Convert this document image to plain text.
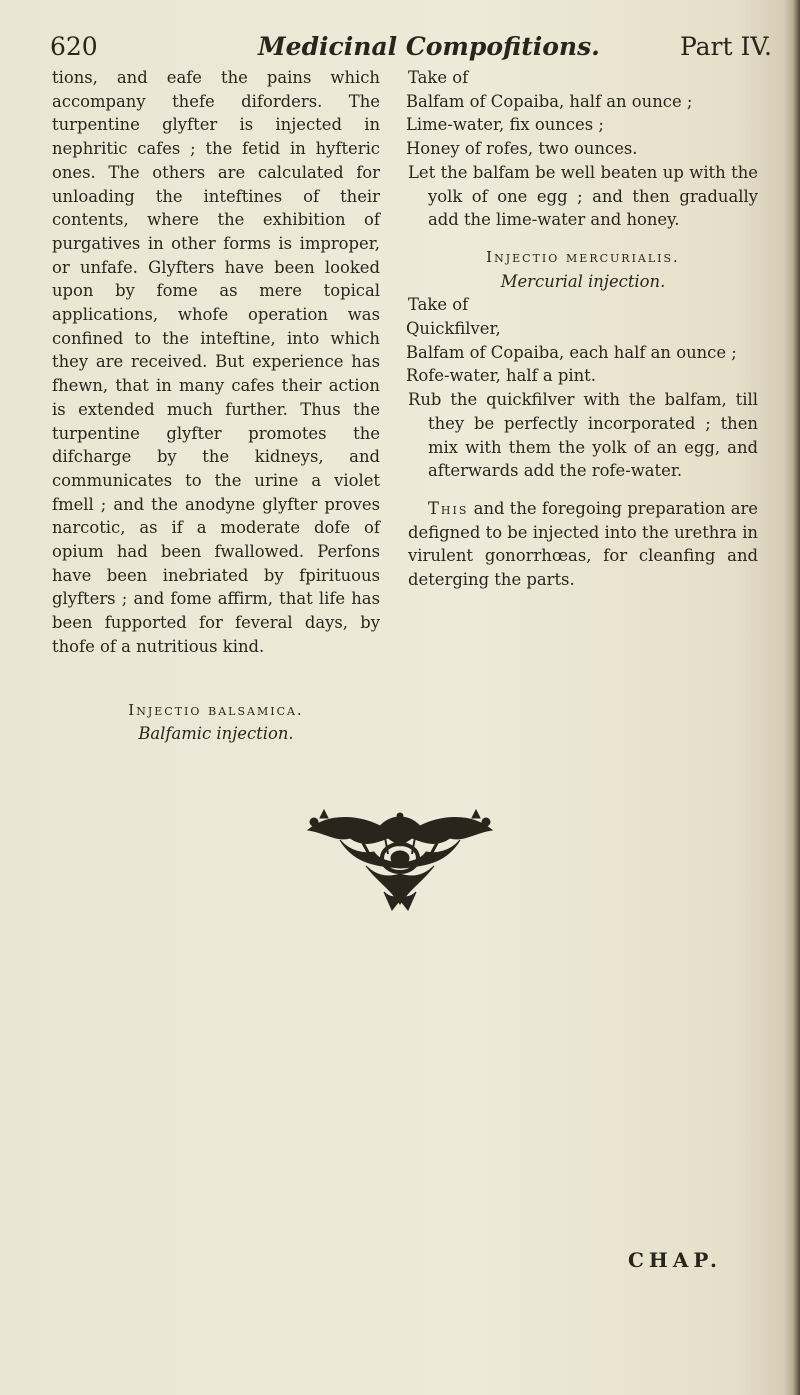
620	Medicinal Compofitions.	Part IV.

tions, and eafe the pains which accompany thefe diforders. The turpentine glyfter is injected in nephritic cafes ; the fetid in hyfteric ones. The others are calculated for unloading the inteftines of their contents, where the exhibition of purgatives in other forms is improper, or unfafe. Glyfters have been looked upon by fome as mere topical applications, whofe operation was confined to the inteftine, into which they are received. But experience has fhewn, that in many cafes their action is extended much further. Thus the turpentine glyfter promotes the difcharge by the kidneys, and communicates to the urine a violet fmell ; and the anodyne glyfter proves narcotic, as if a moderate dofe of opium had been fwallowed. Perfons have been inebriated by fpirituous glyfters ; and fome affirm, that life has been fupported for feveral days, by thofe of a nutritious kind.

Injectio balsamica.

Balfamic injection.

Take of

Balfam of Copaiba, half an ounce ;

Lime-water, fix ounces ;

Honey of rofes, two ounces.

Let the balfam be well beaten up with the yolk of one egg ; and then gradually add the lime-water and honey.

Injectio mercurialis.

Mercurial injection.

Take of

Quickfilver,

Balfam of Copaiba, each half an ounce ;

Rofe-water, half a pint.

Rub the quickfilver with the balfam, till they be perfectly incorporated ; then mix with them the yolk of an egg, and afterwards add the rofe-water.

This and the foregoing preparation are defigned to be injected into the urethra in virulent gonorrhœas, for cleanfing and deterging the parts.

CHAP.
